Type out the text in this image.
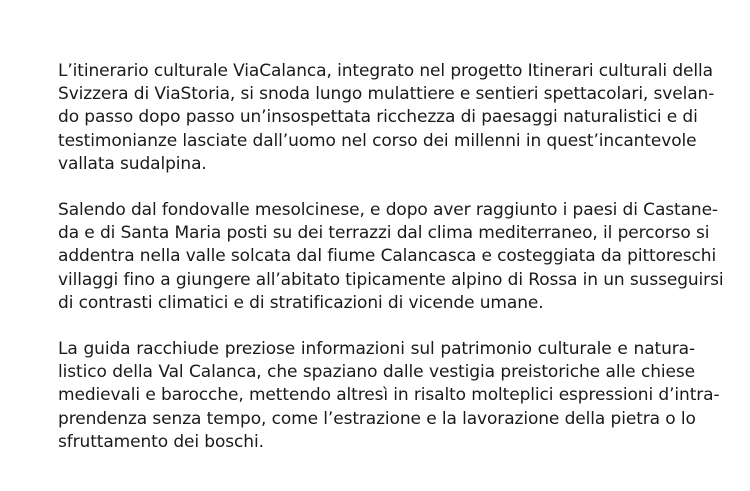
L’itinerario culturale ViaCalanca, integrato nel progetto Itinerari culturali della
Svizzera di ViaStoria, si snoda lungo mulattiere e sentieri spettacolari, svelan-
do passo dopo passo un’insospettata ricchezza di paesaggi naturalistici e di
testimonianze lasciate dall’uomo nel corso dei millenni in quest’incantevole
vallata sudalpina.

Salendo dal fondovalle mesolcinese, e dopo aver raggiunto i paesi di Castane-
da e di Santa Maria posti su dei terrazzi dal clima mediterraneo, il percorso si
addentra nella valle solcata dal fiume Calancasca e costeggiata da pittoreschi
villaggi fino a giungere all’abitato tipicamente alpino di Rossa in un susseguirsi
di contrasti climatici e di stratificazioni di vicende umane.

La guida racchiude preziose informazioni sul patrimonio culturale e natura-
listico della Val Calanca, che spaziano dalle vestigia preistoriche alle chiese
medievali e barocche, mettendo altresì in risalto molteplici espressioni d’intra-
prendenza senza tempo, come l’estrazione e la lavorazione della pietra o lo
sfruttamento dei boschi.
